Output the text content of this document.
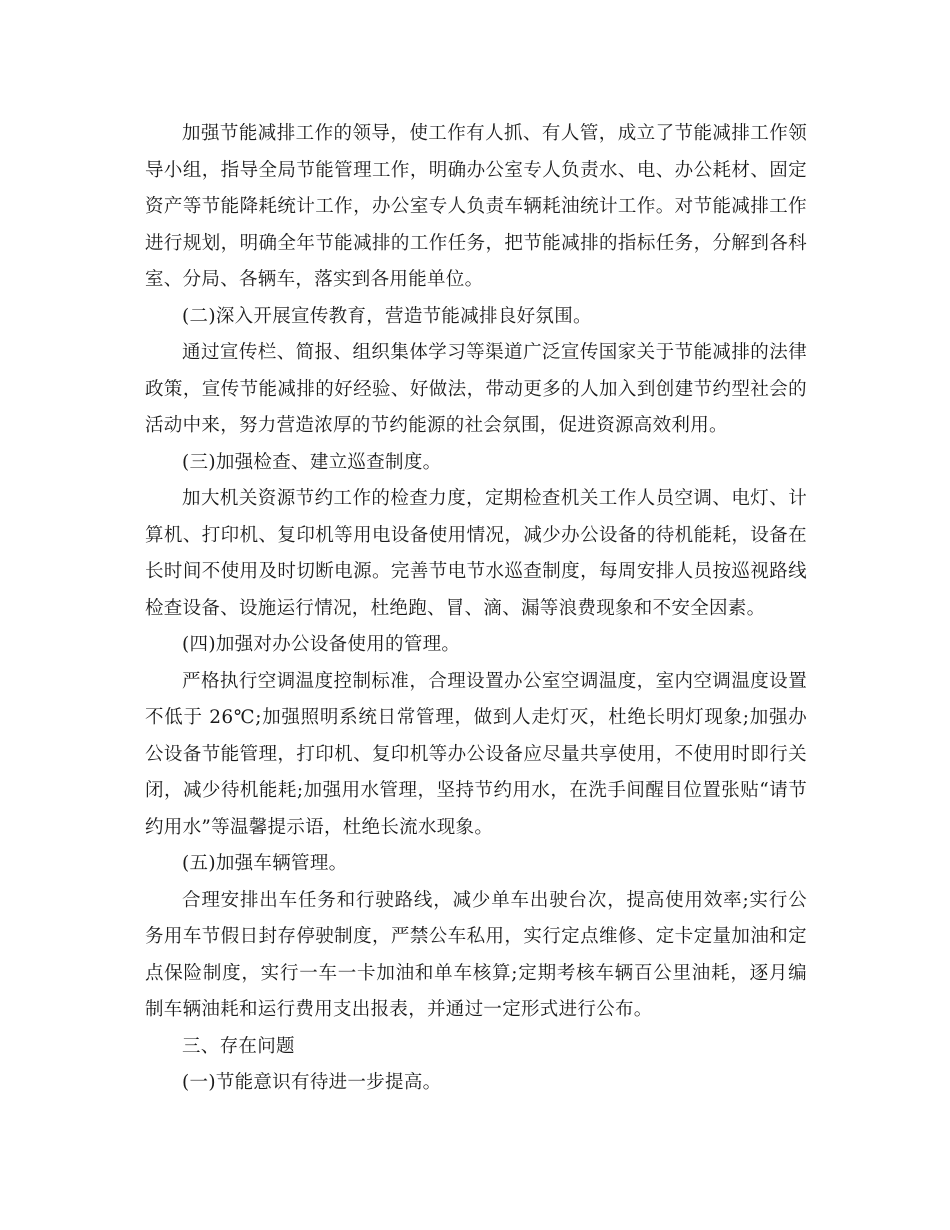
加强节能减排工作的领导，使工作有人抓、有人管，成立了节能减排工作领导小组，指导全局节能管理工作，明确办公室专人负责水、电、办公耗材、固定资产等节能降耗统计工作，办公室专人负责车辆耗油统计工作。对节能减排工作进行规划，明确全年节能减排的工作任务，把节能减排的指标任务，分解到各科室、分局、各辆车，落实到各用能单位。

(二)深入开展宣传教育，营造节能减排良好氛围。

通过宣传栏、简报、组织集体学习等渠道广泛宣传国家关于节能减排的法律政策，宣传节能减排的好经验、好做法，带动更多的人加入到创建节约型社会的活动中来，努力营造浓厚的节约能源的社会氛围，促进资源高效利用。

(三)加强检查、建立巡查制度。

加大机关资源节约工作的检查力度，定期检查机关工作人员空调、电灯、计算机、打印机、复印机等用电设备使用情况，减少办公设备的待机能耗，设备在长时间不使用及时切断电源。完善节电节水巡查制度，每周安排人员按巡视路线检查设备、设施运行情况，杜绝跑、冒、滴、漏等浪费现象和不安全因素。

(四)加强对办公设备使用的管理。

严格执行空调温度控制标准，合理设置办公室空调温度，室内空调温度设置不低于 26℃;加强照明系统日常管理，做到人走灯灭，杜绝长明灯现象;加强办公设备节能管理，打印机、复印机等办公设备应尽量共享使用，不使用时即行关闭，减少待机能耗;加强用水管理，坚持节约用水，在洗手间醒目位置张贴“请节约用水”等温馨提示语，杜绝长流水现象。

(五)加强车辆管理。

合理安排出车任务和行驶路线，减少单车出驶台次，提高使用效率;实行公务用车节假日封存停驶制度，严禁公车私用，实行定点维修、定卡定量加油和定点保险制度，实行一车一卡加油和单车核算;定期考核车辆百公里油耗，逐月编制车辆油耗和运行费用支出报表，并通过一定形式进行公布。

三、存在问题

(一)节能意识有待进一步提高。
